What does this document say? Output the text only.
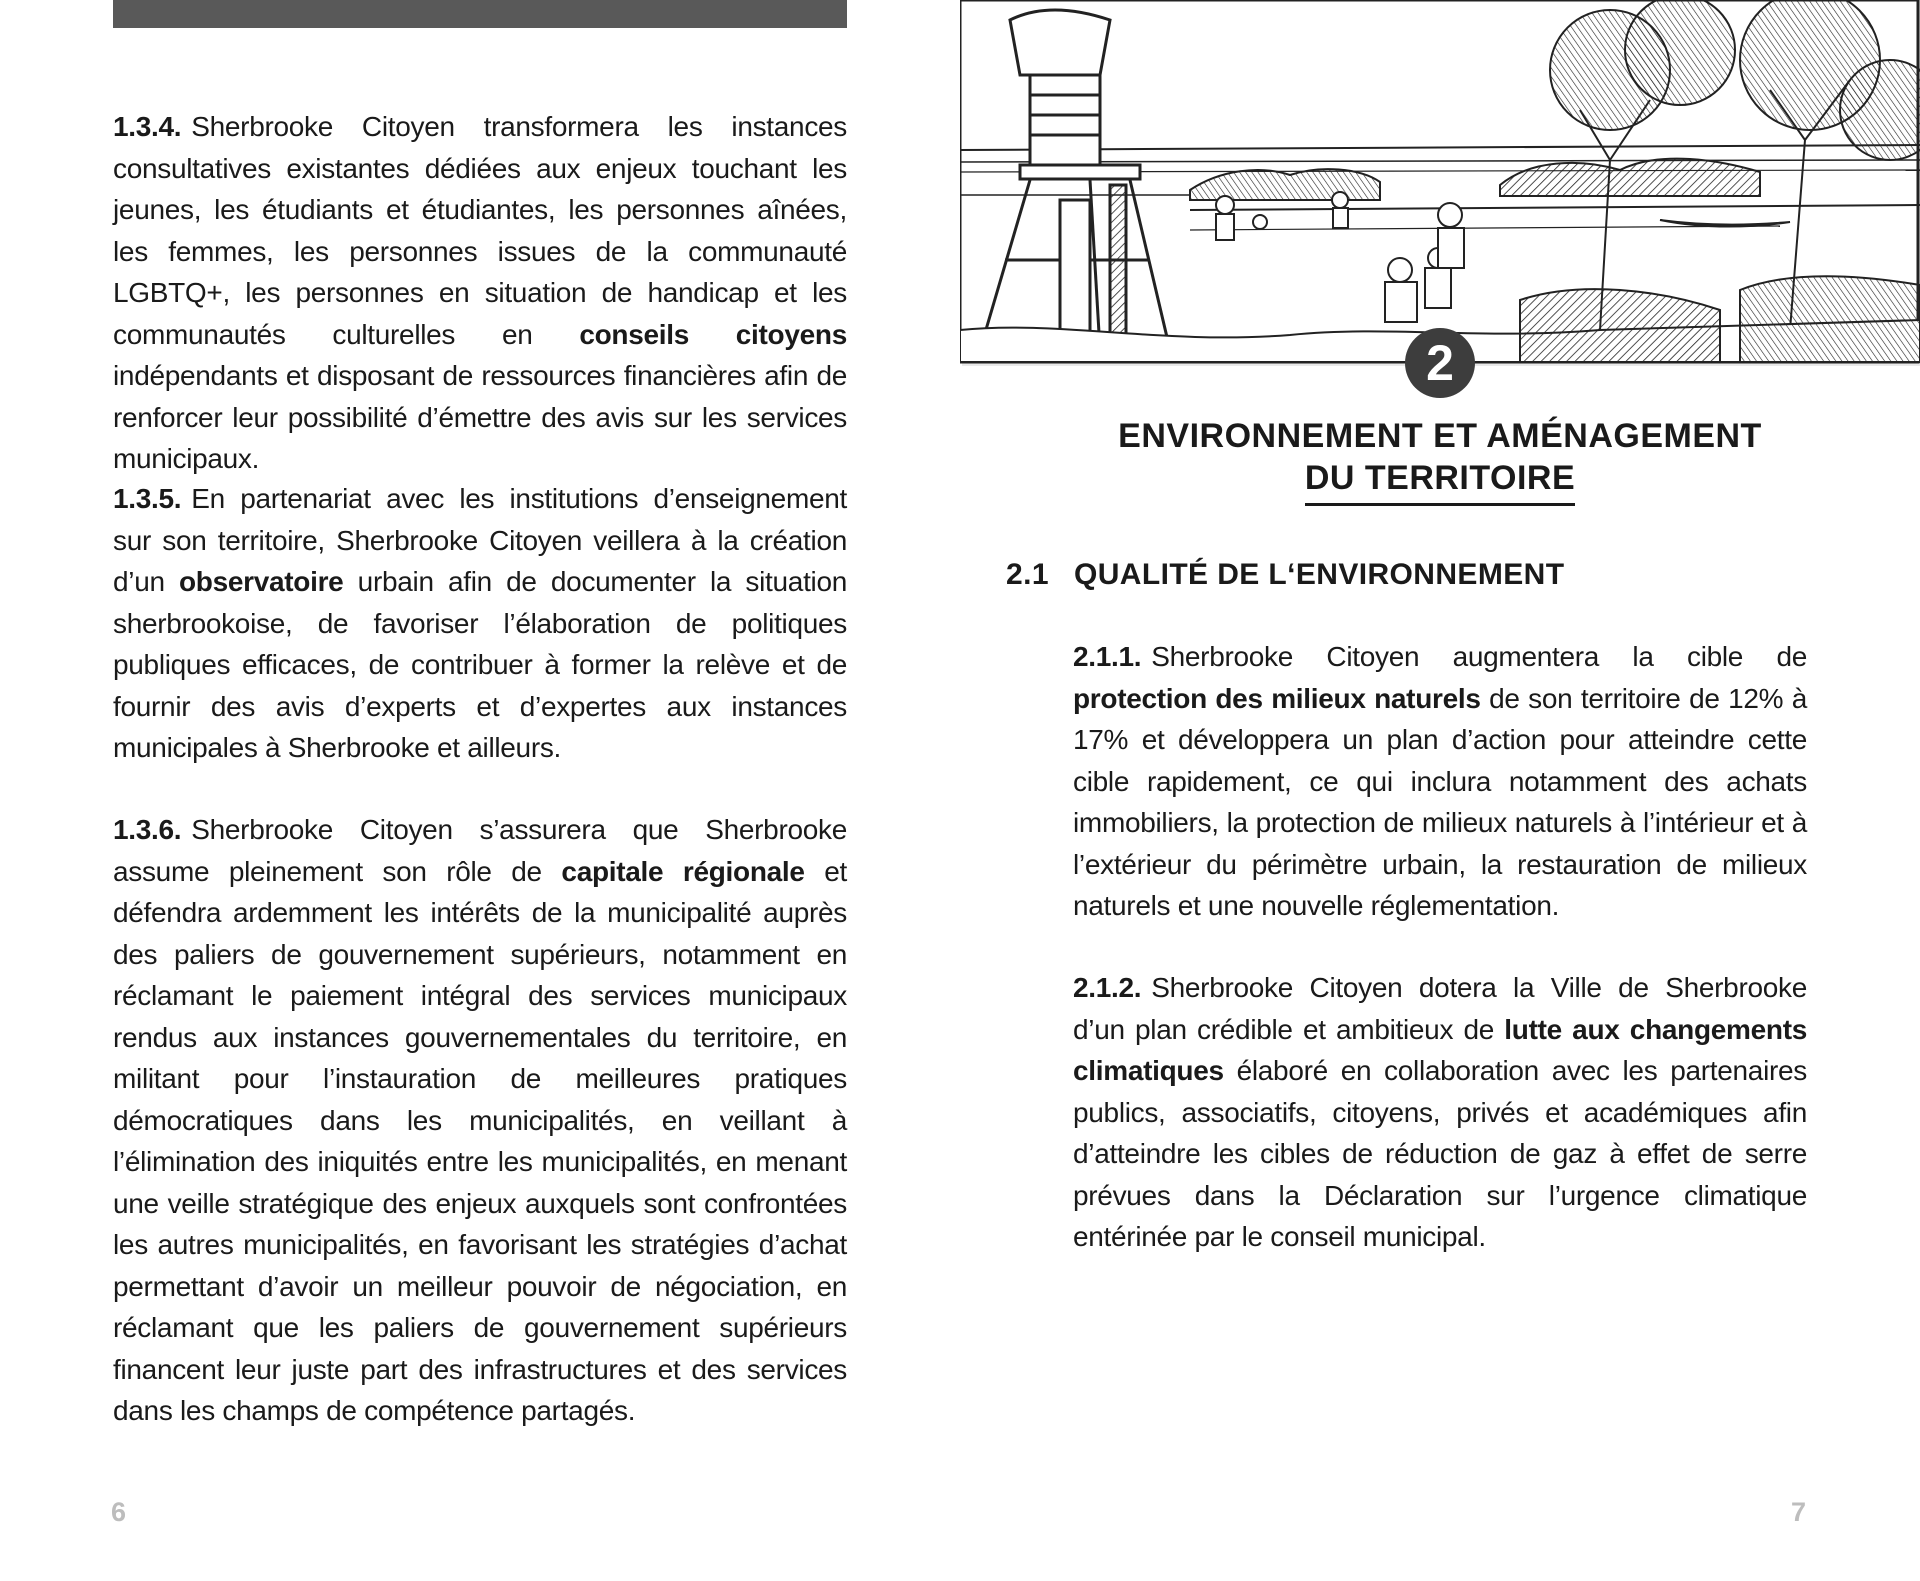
1.3.4. Sherbrooke Citoyen transformera les instances consultatives existantes dédiées aux enjeux touchant les jeunes, les étudiants et étudiantes, les personnes aînées, les femmes, les personnes issues de la communauté LGBTQ+, les personnes en situation de handicap et les communautés culturelles en conseils citoyens indépendants et disposant de ressources financières afin de renforcer leur possibilité d’émettre des avis sur les services municipaux.

1.3.5. En partenariat avec les institutions d’enseignement sur son territoire, Sherbrooke Citoyen veillera à la création d’un observatoire urbain afin de documenter la situation sherbrookoise, de favoriser l’élaboration de politiques publiques efficaces, de contribuer à former la relève et de fournir des avis d’experts et d’expertes aux instances municipales à Sherbrooke et ailleurs.

1.3.6. Sherbrooke Citoyen s’assurera que Sherbrooke assume pleinement son rôle de capitale régionale et défendra ardemment les intérêts de la municipalité auprès des paliers de gouvernement supérieurs, notamment en réclamant le paiement intégral des services municipaux rendus aux instances gouvernementales du territoire, en militant pour l’instauration de meilleures pratiques démocratiques dans les municipalités, en veillant à l’élimination des iniquités entre les municipalités, en menant une veille stratégique des enjeux auxquels sont confrontées les autres municipalités, en favorisant les stratégies d’achat permettant d’avoir un meilleur pouvoir de négociation, en réclamant que les paliers de gouvernement supérieurs financent leur juste part des infrastructures et des services dans les champs de compétence partagés.

6
2
ENVIRONNEMENT ET AMÉNAGEMENT
DU TERRITOIRE
2.1 QUALITÉ DE L‘ENVIRONNEMENT

2.1.1. Sherbrooke Citoyen augmentera la cible de protection des milieux naturels de son territoire de 12% à 17% et développera un plan d’action pour atteindre cette cible rapidement, ce qui inclura notamment des achats immobiliers, la protection de milieux naturels à l’intérieur et à l’extérieur du périmètre urbain, la restauration de milieux naturels et une nouvelle réglementation.

2.1.2. Sherbrooke Citoyen dotera la Ville de Sherbrooke d’un plan crédible et ambitieux de lutte aux changements climatiques élaboré en collaboration avec les partenaires publics, associatifs, citoyens, privés et académiques afin d’atteindre les cibles de réduction de gaz à effet de serre prévues dans la Déclaration sur l’urgence climatique entérinée par le conseil municipal.

7
